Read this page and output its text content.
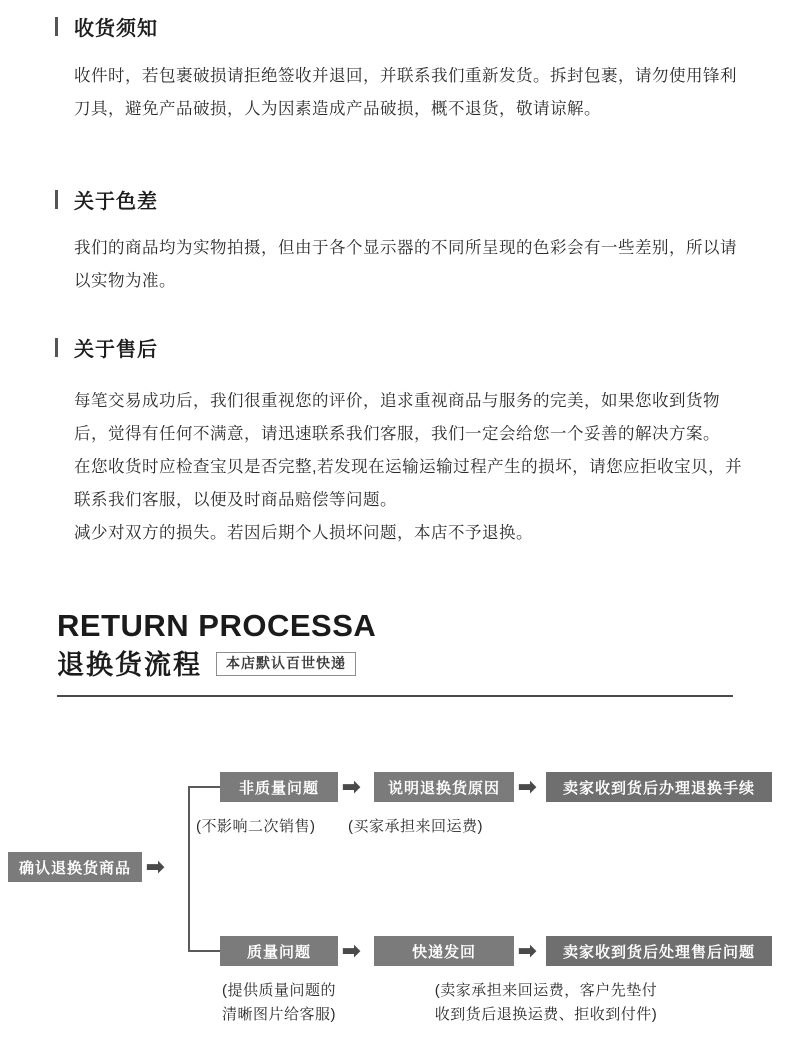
收货须知

收件时，若包裹破损请拒绝签收并退回，并联系我们重新发货。拆封包裹，请勿使用锋利刀具，避免产品破损，人为因素造成产品破损，概不退货，敬请谅解。

关于色差

我们的商品均为实物拍摄，但由于各个显示器的不同所呈现的色彩会有一些差别，所以请以实物为准。

关于售后

每笔交易成功后，我们很重视您的评价，追求重视商品与服务的完美，如果您收到货物后，觉得有任何不满意，请迅速联系我们客服，我们一定会给您一个妥善的解决方案。

在您收货时应检查宝贝是否完整,若发现在运输运输过程产生的损坏，请您应拒收宝贝，并联系我们客服，以便及时商品赔偿等问题。

减少对双方的损失。若因后期个人损坏问题，本店不予退换。

RETURN PROCESSA
退换货流程	本店默认百世快递
确认退换货商品 ➡
非质量问题	➡	说明退换货原因 ➡	卖家收到货后办理退换手续
(不影响二次销售) (买家承担来回运费)
质量问题	➡	快递发回	➡	卖家收到货后处理售后问题
(提供质量问题的
清晰图片给客服)
(卖家承担来回运费，客户先垫付
收到货后退换运费、拒收到付件)
